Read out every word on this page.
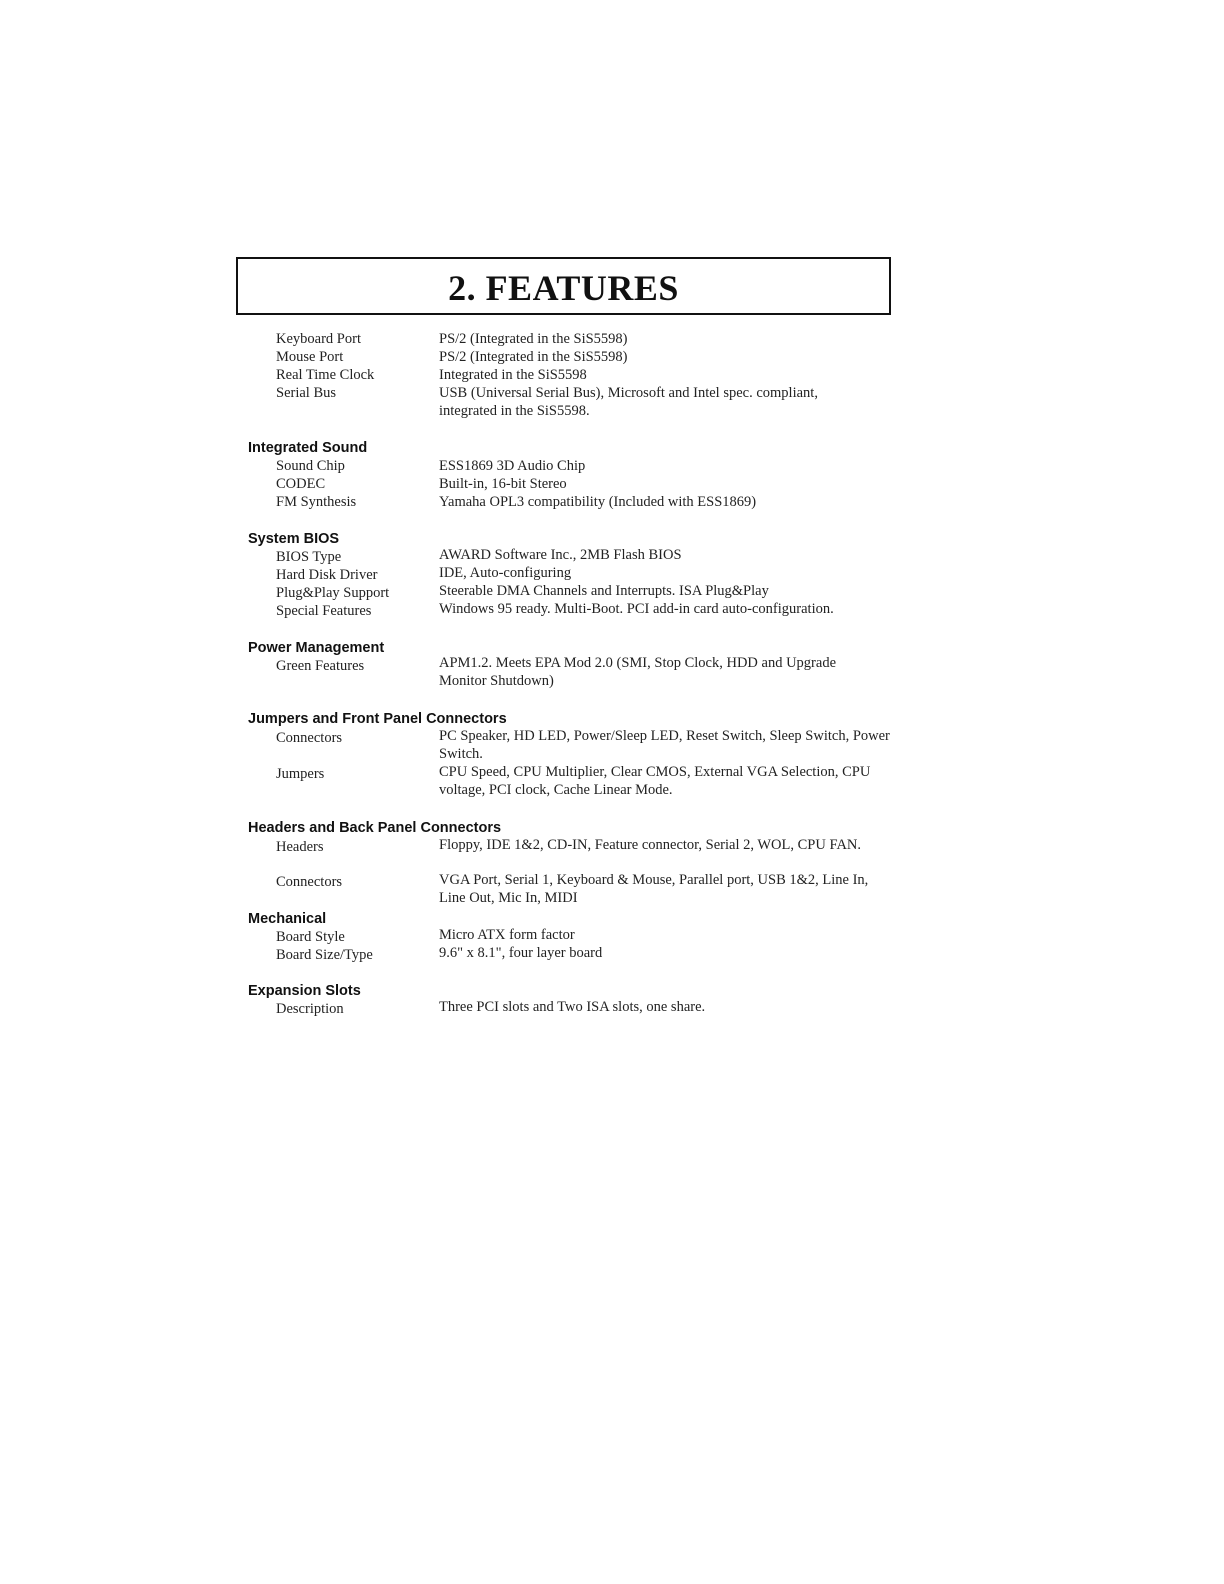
2. FEATURES
Keyboard Port	PS/2 (Integrated in the SiS5598)
Mouse Port	PS/2 (Integrated in the SiS5598)
Real Time Clock	Integrated in the SiS5598
Serial Bus	USB (Universal Serial Bus), Microsoft and Intel spec. compliant, integrated in the SiS5598.
Integrated Sound
Sound Chip	ESS1869 3D Audio Chip
CODEC	Built-in, 16-bit Stereo
FM Synthesis	Yamaha OPL3 compatibility (Included with ESS1869)
System BIOS
BIOS Type	AWARD Software Inc., 2MB Flash BIOS
Hard Disk Driver	IDE, Auto-configuring
Plug&Play Support	Steerable DMA Channels and Interrupts. ISA Plug&Play
Special Features	Windows 95 ready. Multi-Boot. PCI add-in card auto-configuration.
Power Management
Green Features	APM1.2. Meets EPA Mod 2.0 (SMI, Stop Clock, HDD and Upgrade Monitor Shutdown)
Jumpers and Front Panel Connectors
Connectors	PC Speaker, HD LED, Power/Sleep LED, Reset Switch, Sleep Switch, Power Switch.
Jumpers	CPU Speed, CPU Multiplier, Clear CMOS, External VGA Selection, CPU voltage, PCI clock, Cache Linear Mode.
Headers and Back Panel Connectors
Headers	Floppy, IDE 1&2, CD-IN, Feature connector, Serial 2, WOL, CPU FAN.
Connectors	VGA Port, Serial 1, Keyboard & Mouse, Parallel port, USB 1&2, Line In, Line Out, Mic In, MIDI
Mechanical
Board Style	Micro ATX form factor
Board Size/Type	9.6" x 8.1", four layer board
Expansion Slots
Description	Three PCI slots and Two ISA slots, one share.
